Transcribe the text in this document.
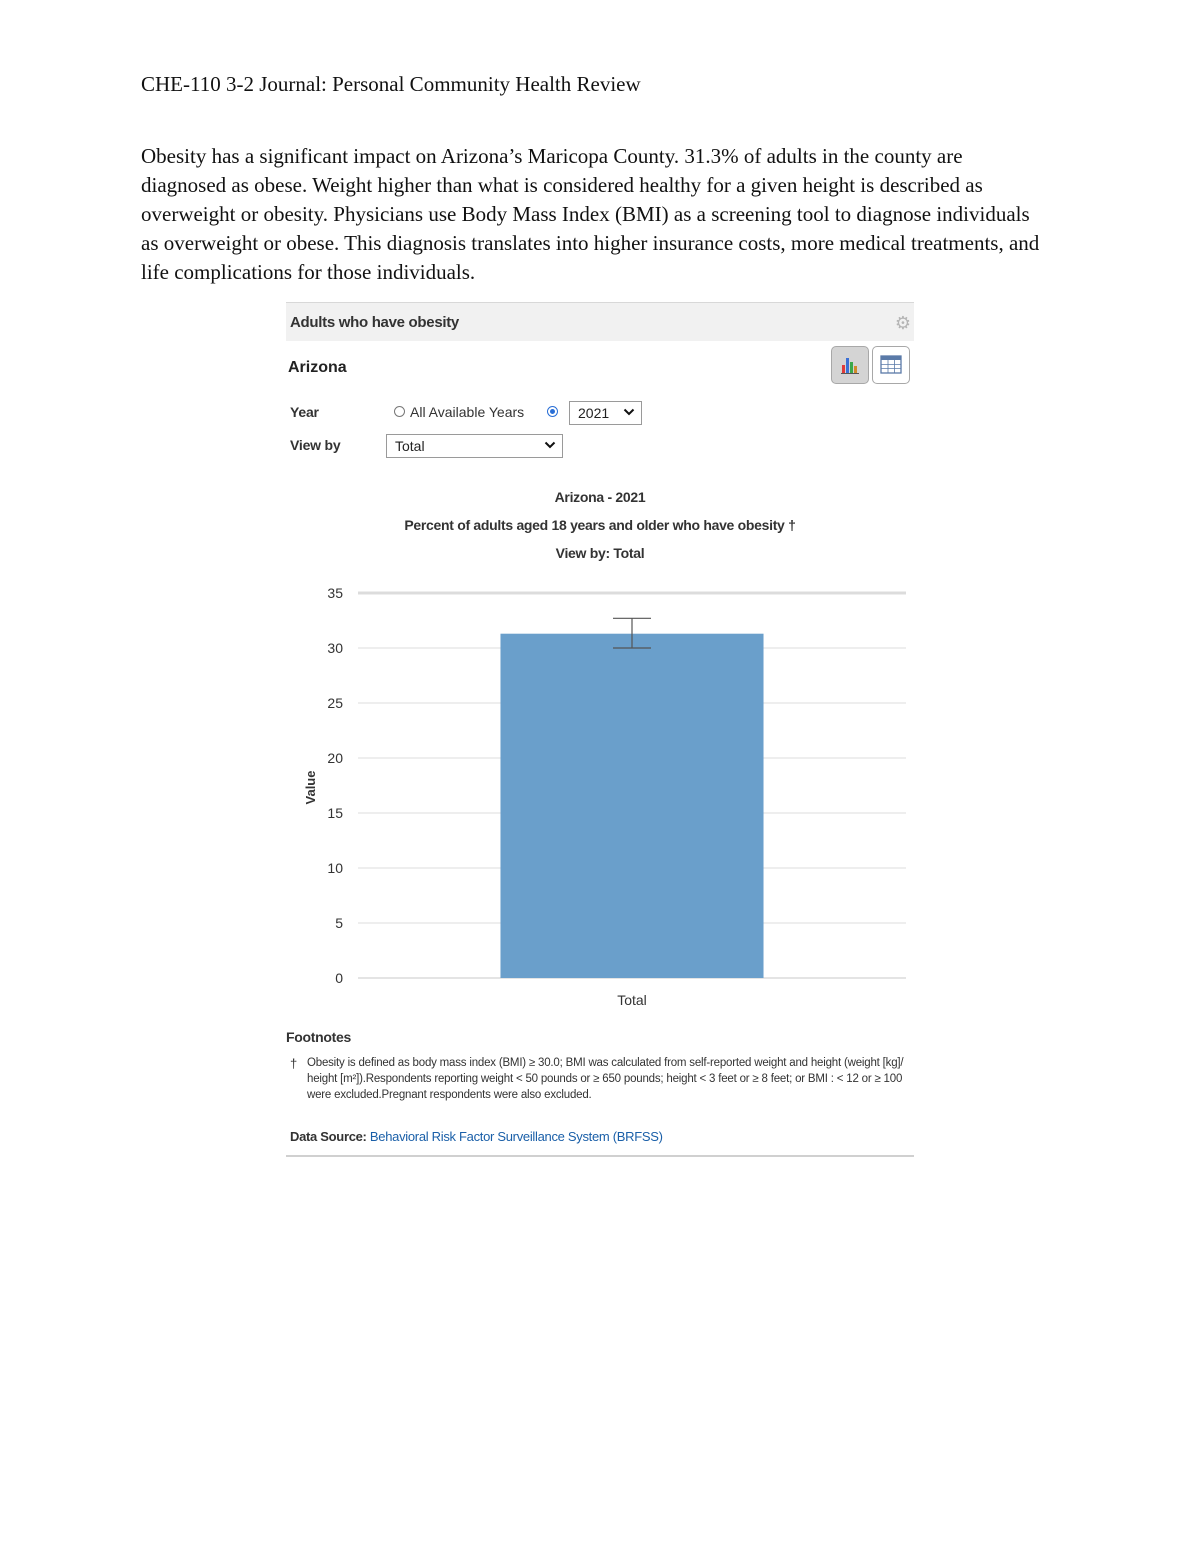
CHE-110 3-2 Journal: Personal Community Health Review

Obesity has a significant impact on Arizona’s Maricopa County. 31.3% of adults in the county are diagnosed as obese. Weight higher than what is considered healthy for a given height is described as overweight or obesity. Physicians use Body Mass Index (BMI) as a screening tool to diagnose individuals as overweight or obese. This diagnosis translates into higher insurance costs, more medical treatments, and life complications for those individuals.

Adults who have obesity	⚙
Arizona
Year	All Available Years	2021
View by	Total
Arizona - 2021
Percent of adults aged 18 years and older who have obesity †
View by: Total
0
5
10
15
20
25
30
35
Value
Total
Footnotes
† Obesity is defined as body mass index (BMI) ≥ 30.0; BMI was calculated from self-reported weight and height (weight [kg]/ height [m²]).Respondents reporting weight < 50 pounds or ≥ 650 pounds; height < 3 feet or ≥ 8 feet; or BMI : < 12 or ≥ 100 were excluded.Pregnant respondents were also excluded.

Data Source: Behavioral Risk Factor Surveillance System (BRFSS)
